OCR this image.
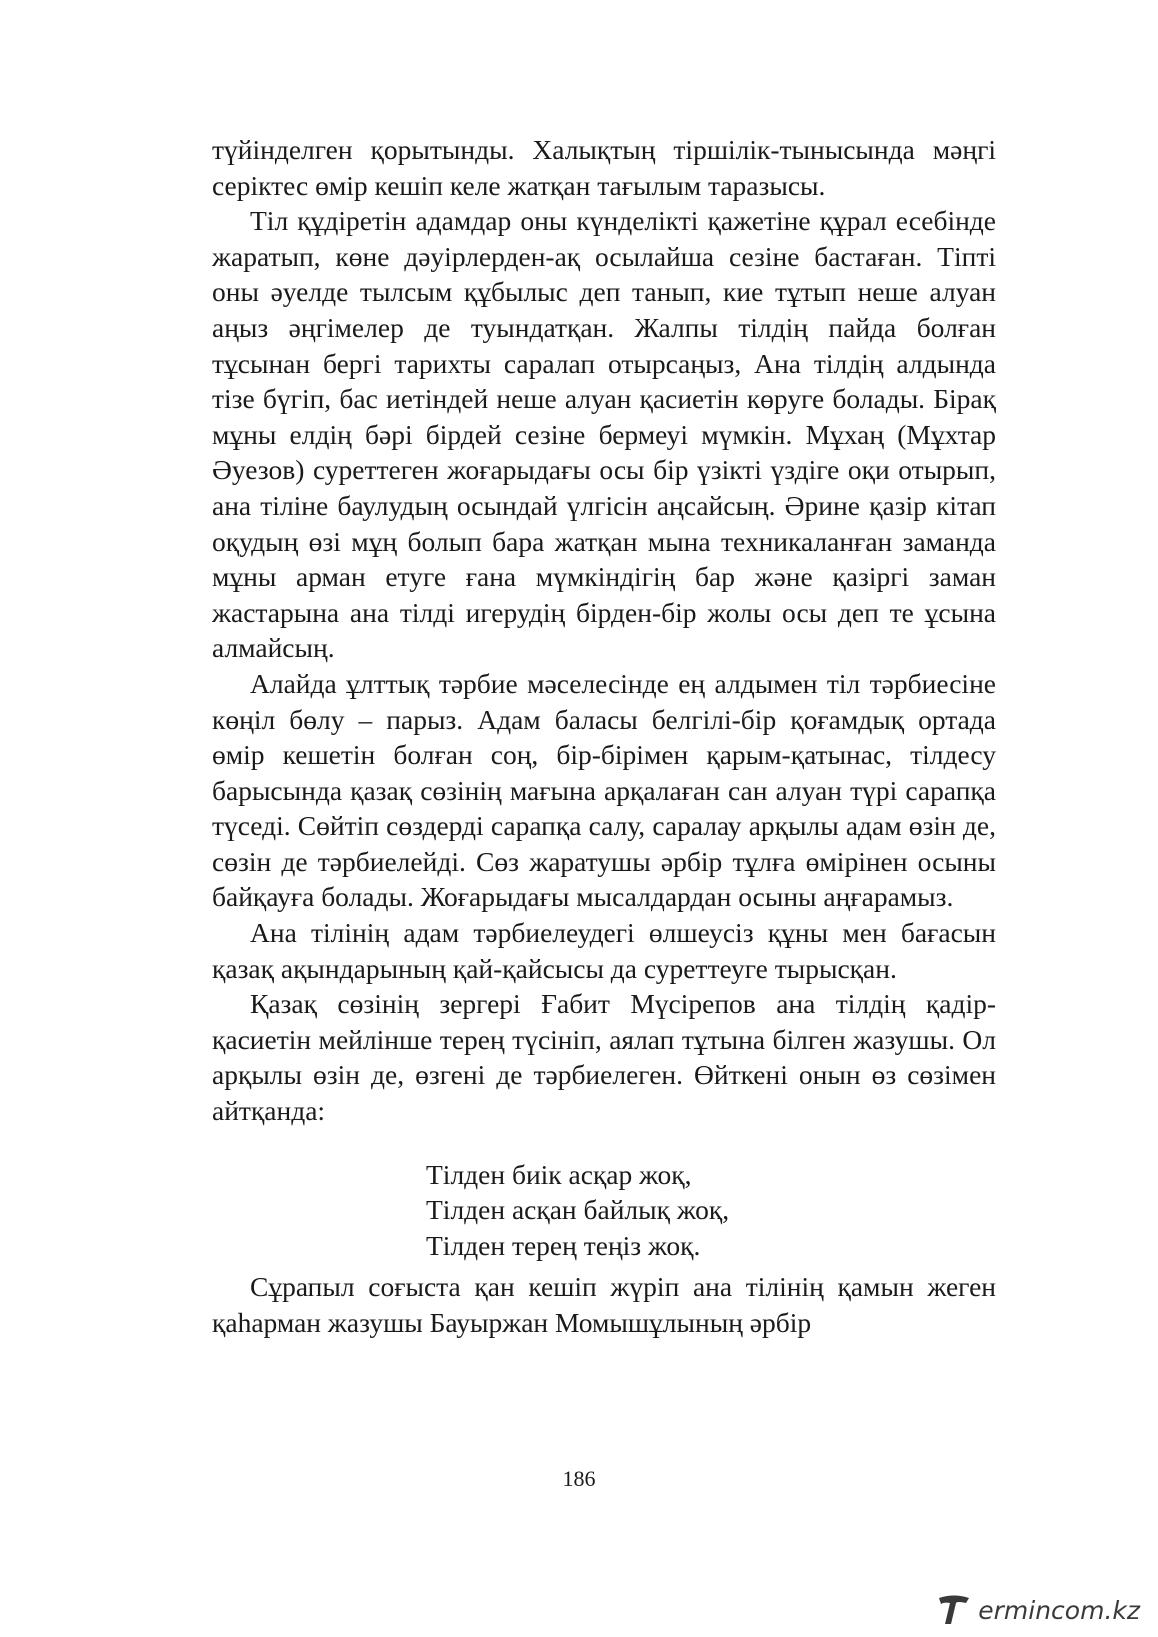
түйінделген қорытынды. Халықтың тіршілік-тынысында мәңгі серіктес өмір кешіп келе жатқан тағылым таразысы.

Тіл құдіретін адамдар оны күнделікті қажетіне құрал есебінде жаратып, көне дәуірлерден-ақ осылайша сезіне бастаған. Тіпті оны әуелде тылсым құбылыс деп танып, кие тұтып неше алуан аңыз әңгімелер де туындатқан. Жалпы тілдің пайда болған тұсынан бергі тарихты саралап отырсаңыз, Ана тілдің алдында тізе бүгіп, бас иетіндей неше алуан қасиетін көруге болады. Бірақ мұны елдің бәрі бірдей сезіне бермеуі мүмкін. Мұхаң (Мұхтар Әуезов) суреттеген жоғарыдағы осы бір үзікті үздіге оқи отырып, ана тіліне баулудың осындай үлгісін аңсайсың. Әрине қазір кітап оқудың өзі мұң болып бара жатқан мына техникаланған заманда мұны арман етуге ғана мүмкіндігің бар және қазіргі заман жастарына ана тілді игерудің бірден-бір жолы осы деп те ұсына алмайсың.

Алайда ұлттық тәрбие мәселесінде ең алдымен тіл тәрбиесіне көңіл бөлу – парыз. Адам баласы белгілі-бір қоғамдық ортада өмір кешетін болған соң, бір-бірімен қарым-қатынас, тілдесу барысында қазақ сөзінің мағына арқалаған сан алуан түрі сарапқа түседі. Сөйтіп сөздерді сарапқа салу, саралау арқылы адам өзін де, сөзін де тәрбиелейді. Сөз жаратушы әрбір тұлға өмірінен осыны байқауға болады. Жоғарыдағы мысалдардан осыны аңғарамыз.

Ана тілінің адам тәрбиелеудегі өлшеусіз құны мен бағасын қазақ ақындарының қай-қайсысы да суреттеуге тырысқан.

Қазақ сөзінің зергері Ғабит Мүсірепов ана тілдің қадір-қасиетін мейлінше терең түсініп, аялап тұтына білген жазушы. Ол арқылы өзін де, өзгені де тәрбиелеген. Өйткені онын өз сөзімен айтқанда:

Тілден биік асқар жоқ,
Тілден асқан байлық жоқ,
Тілден терең теңіз жоқ.

Сұрапыл соғыста қан кешіп жүріп ана тілінің қамын жеген қаһарман жазушы Бауыржан Момышұлының әрбір

186
ermincom.kz
